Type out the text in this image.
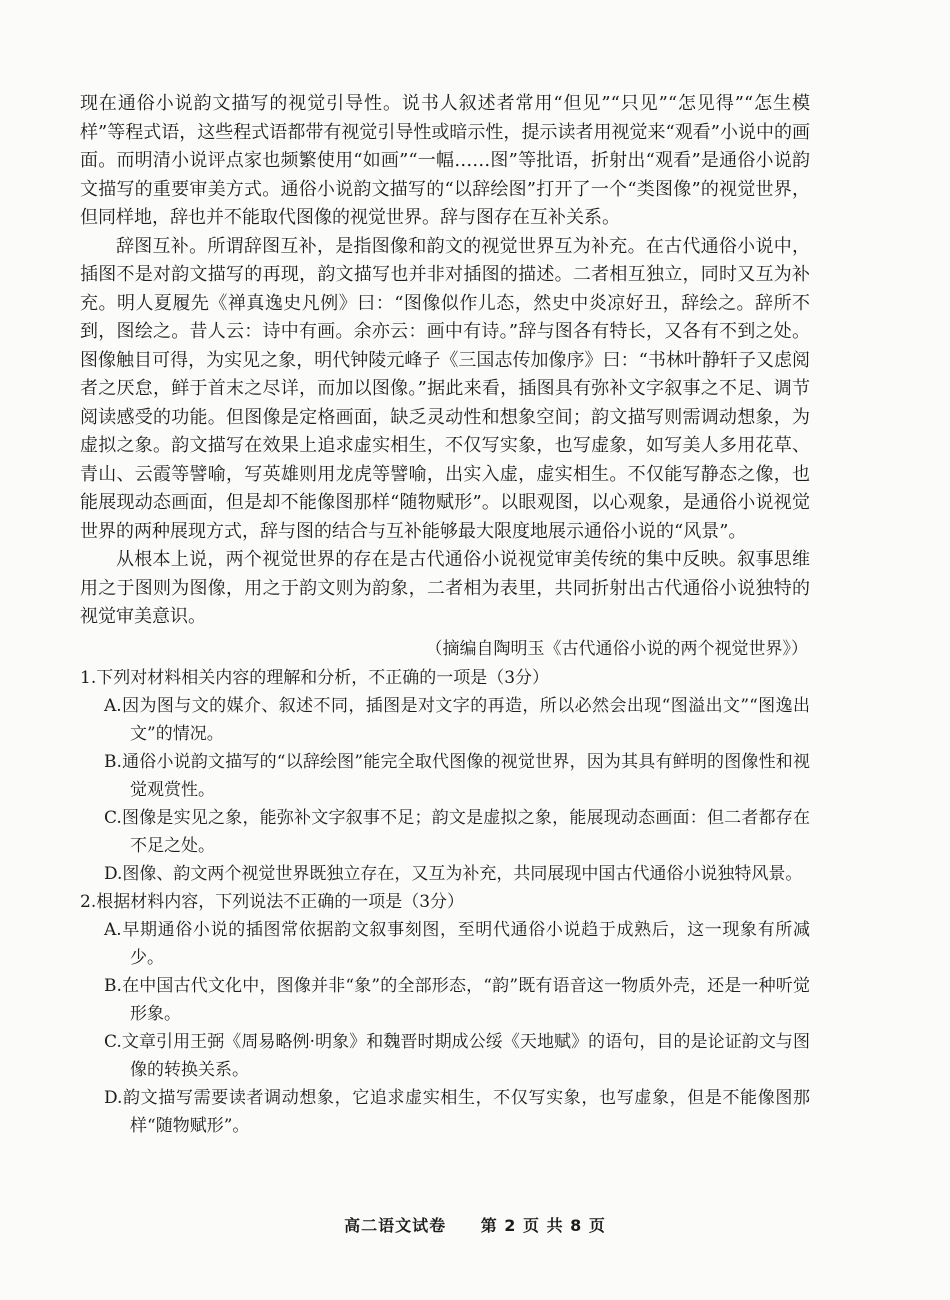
现在通俗小说韵文描写的视觉引导性。说书人叙述者常用“但见”“只见”“怎见得”“怎生模样”等程式语，这些程式语都带有视觉引导性或暗示性，提示读者用视觉来“观看”小说中的画面。而明清小说评点家也频繁使用“如画”“一幅……图”等批语，折射出“观看”是通俗小说韵文描写的重要审美方式。通俗小说韵文描写的“以辞绘图”打开了一个“类图像”的视觉世界，但同样地，辞也并不能取代图像的视觉世界。辞与图存在互补关系。

辞图互补。所谓辞图互补，是指图像和韵文的视觉世界互为补充。在古代通俗小说中，插图不是对韵文描写的再现，韵文描写也并非对插图的描述。二者相互独立，同时又互为补充。明人夏履先《禅真逸史凡例》曰：“图像似作儿态，然史中炎凉好丑，辞绘之。辞所不到，图绘之。昔人云：诗中有画。余亦云：画中有诗。”辞与图各有特长，又各有不到之处。图像触目可得，为实见之象，明代钟陵元峰子《三国志传加像序》曰：“书林叶静轩子又虑阅者之厌怠，鲜于首末之尽详，而加以图像。”据此来看，插图具有弥补文字叙事之不足、调节阅读感受的功能。但图像是定格画面，缺乏灵动性和想象空间；韵文描写则需调动想象，为虚拟之象。韵文描写在效果上追求虚实相生，不仅写实象，也写虚象，如写美人多用花草、青山、云霞等譬喻，写英雄则用龙虎等譬喻，出实入虚，虚实相生。不仅能写静态之像，也能展现动态画面，但是却不能像图那样“随物赋形”。以眼观图，以心观象，是通俗小说视觉世界的两种展现方式，辞与图的结合与互补能够最大限度地展示通俗小说的“风景”。

从根本上说，两个视觉世界的存在是古代通俗小说视觉审美传统的集中反映。叙事思维用之于图则为图像，用之于韵文则为韵象，二者相为表里，共同折射出古代通俗小说独特的视觉审美意识。

（摘编自陶明玉《古代通俗小说的两个视觉世界》）

1.下列对材料相关内容的理解和分析，不正确的一项是（3分）

A.因为图与文的媒介、叙述不同，插图是对文字的再造，所以必然会出现“图溢出文”“图逸出文”的情况。

B.通俗小说韵文描写的“以辞绘图”能完全取代图像的视觉世界，因为其具有鲜明的图像性和视觉观赏性。

C.图像是实见之象，能弥补文字叙事不足；韵文是虚拟之象，能展现动态画面：但二者都存在不足之处。

D.图像、韵文两个视觉世界既独立存在，又互为补充，共同展现中国古代通俗小说独特风景。

2.根据材料内容，下列说法不正确的一项是（3分）

A.早期通俗小说的插图常依据韵文叙事刻图，至明代通俗小说趋于成熟后，这一现象有所减少。

B.在中国古代文化中，图像并非“象”的全部形态，“韵”既有语音这一物质外壳，还是一种听觉形象。

C.文章引用王弼《周易略例·明象》和魏晋时期成公绥《天地赋》的语句，目的是论证韵文与图像的转换关系。

D.韵文描写需要读者调动想象，它追求虚实相生，不仅写实象，也写虚象，但是不能像图那样“随物赋形”。

高二语文试卷 第 2 页 共 8 页
